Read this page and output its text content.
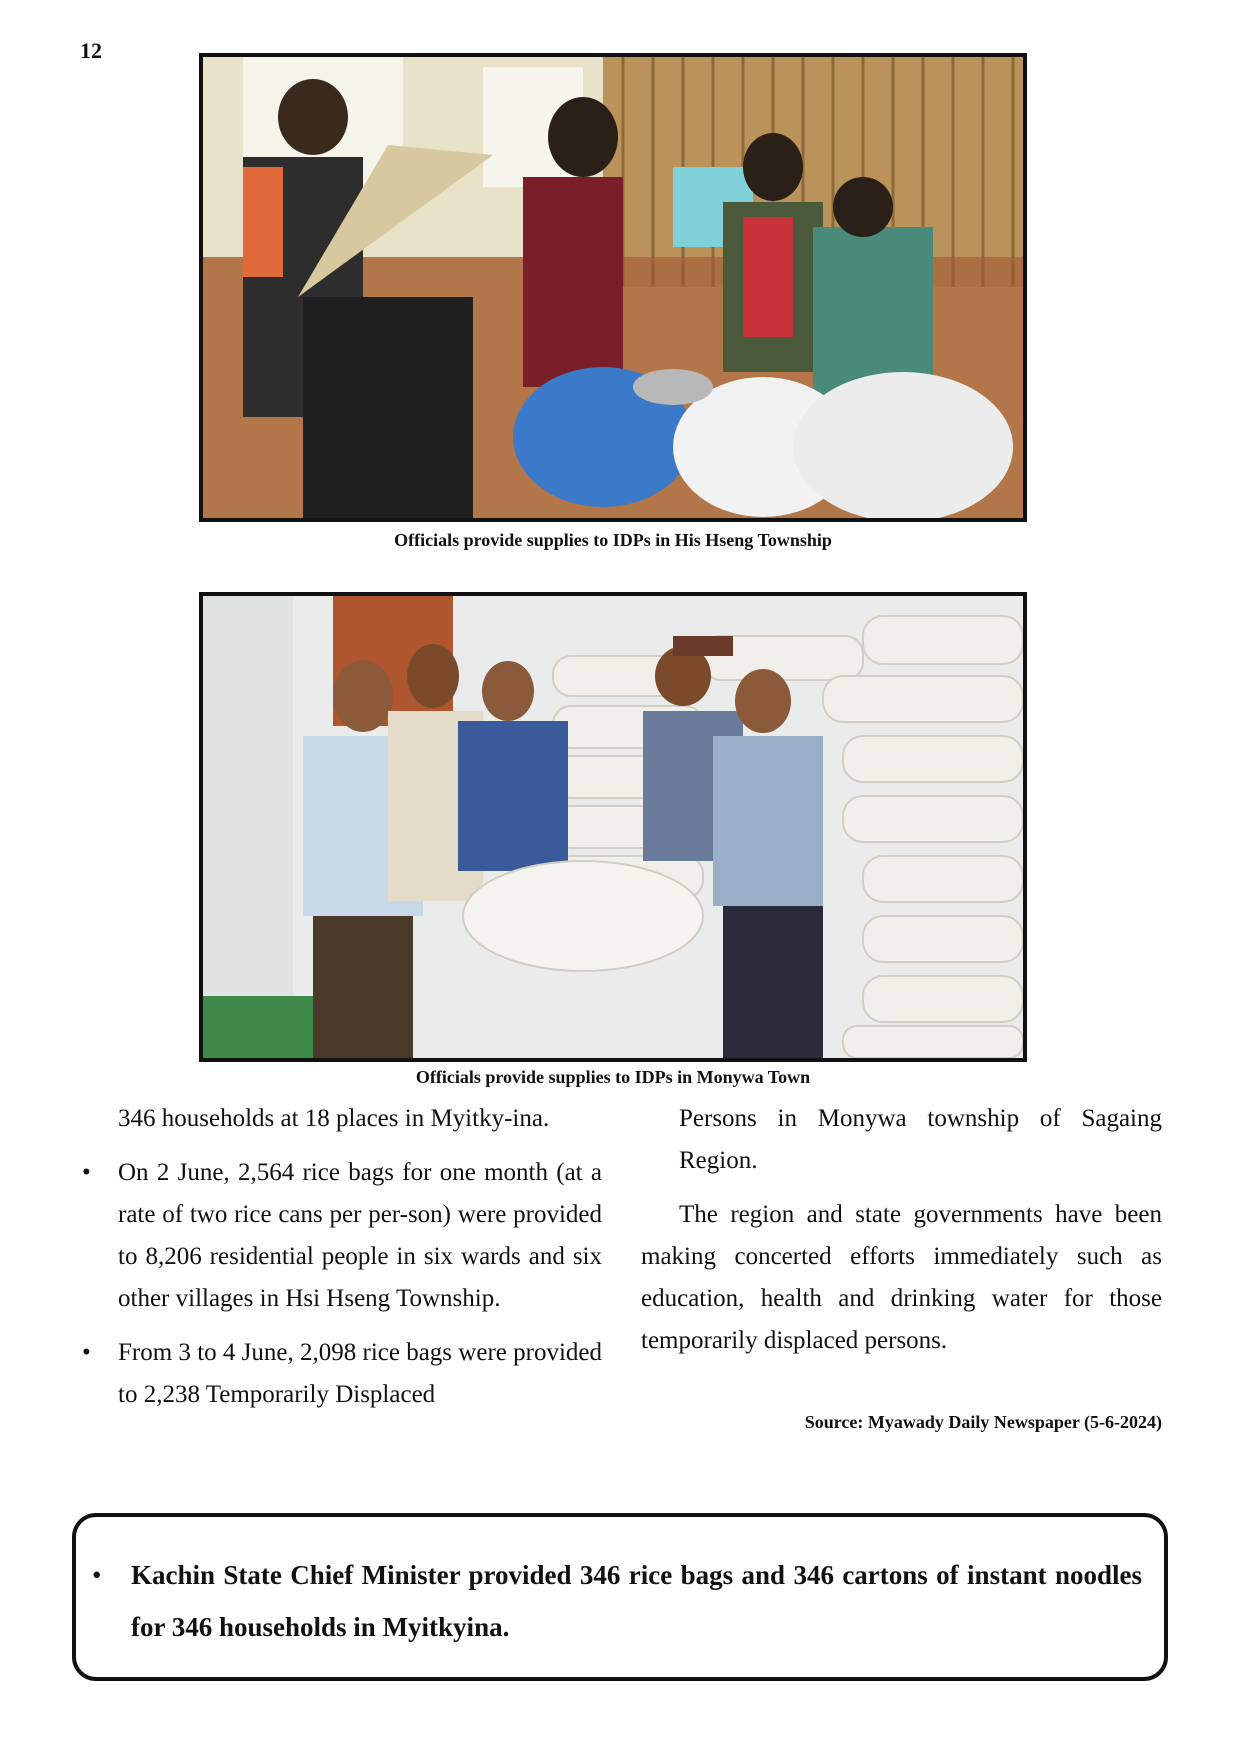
12
Officials provide supplies to IDPs in His Hseng Township
Officials provide supplies to IDPs in Monywa Town

346 households at 18 places in Myitky-ina.

• On 2 June, 2,564 rice bags for one month (at a rate of two rice cans per per-son) were provided to 8,206 residential people in six wards and six other villages in Hsi Hseng Township.

• From 3 to 4 June, 2,098 rice bags were provided to 2,238 Temporarily Displaced

Persons in Monywa township of Sagaing Region.

The region and state governments have been making concerted efforts immediately such as education, health and drinking water for those temporarily displaced persons.

Source: Myawady Daily Newspaper (5-6-2024)
• Kachin State Chief Minister provided 346 rice bags and 346 cartons of instant noodles for 346 households in Myitkyina.
